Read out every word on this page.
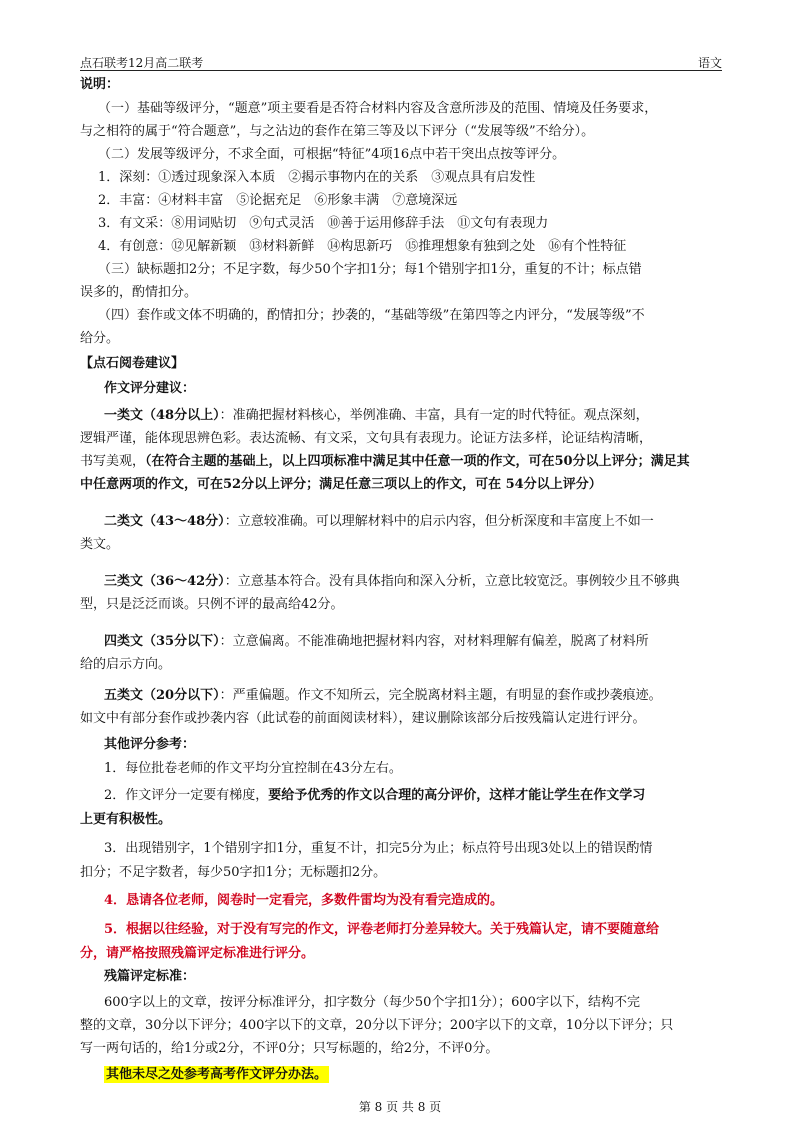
点石联考12月高二联考	语文
说明：
（一）基础等级评分，“题意”项主要看是否符合材料内容及含意所涉及的范围、情境及任务要求，
与之相符的属于“符合题意”，与之沾边的套作在第三等及以下评分（“发展等级”不给分）。
（二）发展等级评分，不求全面，可根据“特征”4项16点中若干突出点按等评分。
1．深刻：①透过现象深入本质　②揭示事物内在的关系　③观点具有启发性
2．丰富：④材料丰富　⑤论据充足　⑥形象丰满　⑦意境深远
3．有文采：⑧用词贴切　⑨句式灵活　⑩善于运用修辞手法　⑪文句有表现力
4．有创意：⑫见解新颖　⑬材料新鲜　⑭构思新巧　⑮推理想象有独到之处　⑯有个性特征
（三）缺标题扣2分；不足字数，每少50个字扣1分；每1个错别字扣1分，重复的不计；标点错
误多的，酌情扣分。
（四）套作或文体不明确的，酌情扣分；抄袭的，“基础等级”在第四等之内评分，“发展等级”不
给分。
【点石阅卷建议】
作文评分建议：
一类文（48分以上）：准确把握材料核心，举例准确、丰富，具有一定的时代特征。观点深刻，
逻辑严谨，能体现思辨色彩。表达流畅、有文采，文句具有表现力。论证方法多样，论证结构清晰，
书写美观，（在符合主题的基础上，以上四项标准中满足其中任意一项的作文，可在50分以上评分；满足其
中任意两项的作文，可在52分以上评分；满足任意三项以上的作文，可在 54分以上评分）
二类文（43～48分）：立意较准确。可以理解材料中的启示内容，但分析深度和丰富度上不如一
类文。
三类文（36～42分）：立意基本符合。没有具体指向和深入分析，立意比较宽泛。事例较少且不够典
型，只是泛泛而谈。只例不评的最高给42分。
四类文（35分以下）：立意偏离。不能准确地把握材料内容，对材料理解有偏差，脱离了材料所
给的启示方向。
五类文（20分以下）：严重偏题。作文不知所云，完全脱离材料主题，有明显的套作或抄袭痕迹。
如文中有部分套作或抄袭内容（此试卷的前面阅读材料），建议删除该部分后按残篇认定进行评分。
其他评分参考：
1．每位批卷老师的作文平均分宜控制在43分左右。
2．作文评分一定要有梯度，要给予优秀的作文以合理的高分评价，这样才能让学生在作文学习
上更有积极性。
3．出现错别字，1个错别字扣1分，重复不计，扣完5分为止；标点符号出现3处以上的错误酌情
扣分；不足字数者，每少50字扣1分；无标题扣2分。
4．恳请各位老师，阅卷时一定看完，多数件雷均为没有看完造成的。
5．根据以往经验，对于没有写完的作文，评卷老师打分差异较大。关于残篇认定，请不要随意给
分，请严格按照残篇评定标准进行评分。
残篇评定标准：
600字以上的文章，按评分标准评分，扣字数分（每少50个字扣1分）；600字以下，结构不完
整的文章，30分以下评分；400字以下的文章，20分以下评分；200字以下的文章，10分以下评分；只
写一两句话的，给1分或2分，不评0分；只写标题的，给2分，不评0分。
其他未尽之处参考高考作文评分办法。
第 8 页 共 8 页
